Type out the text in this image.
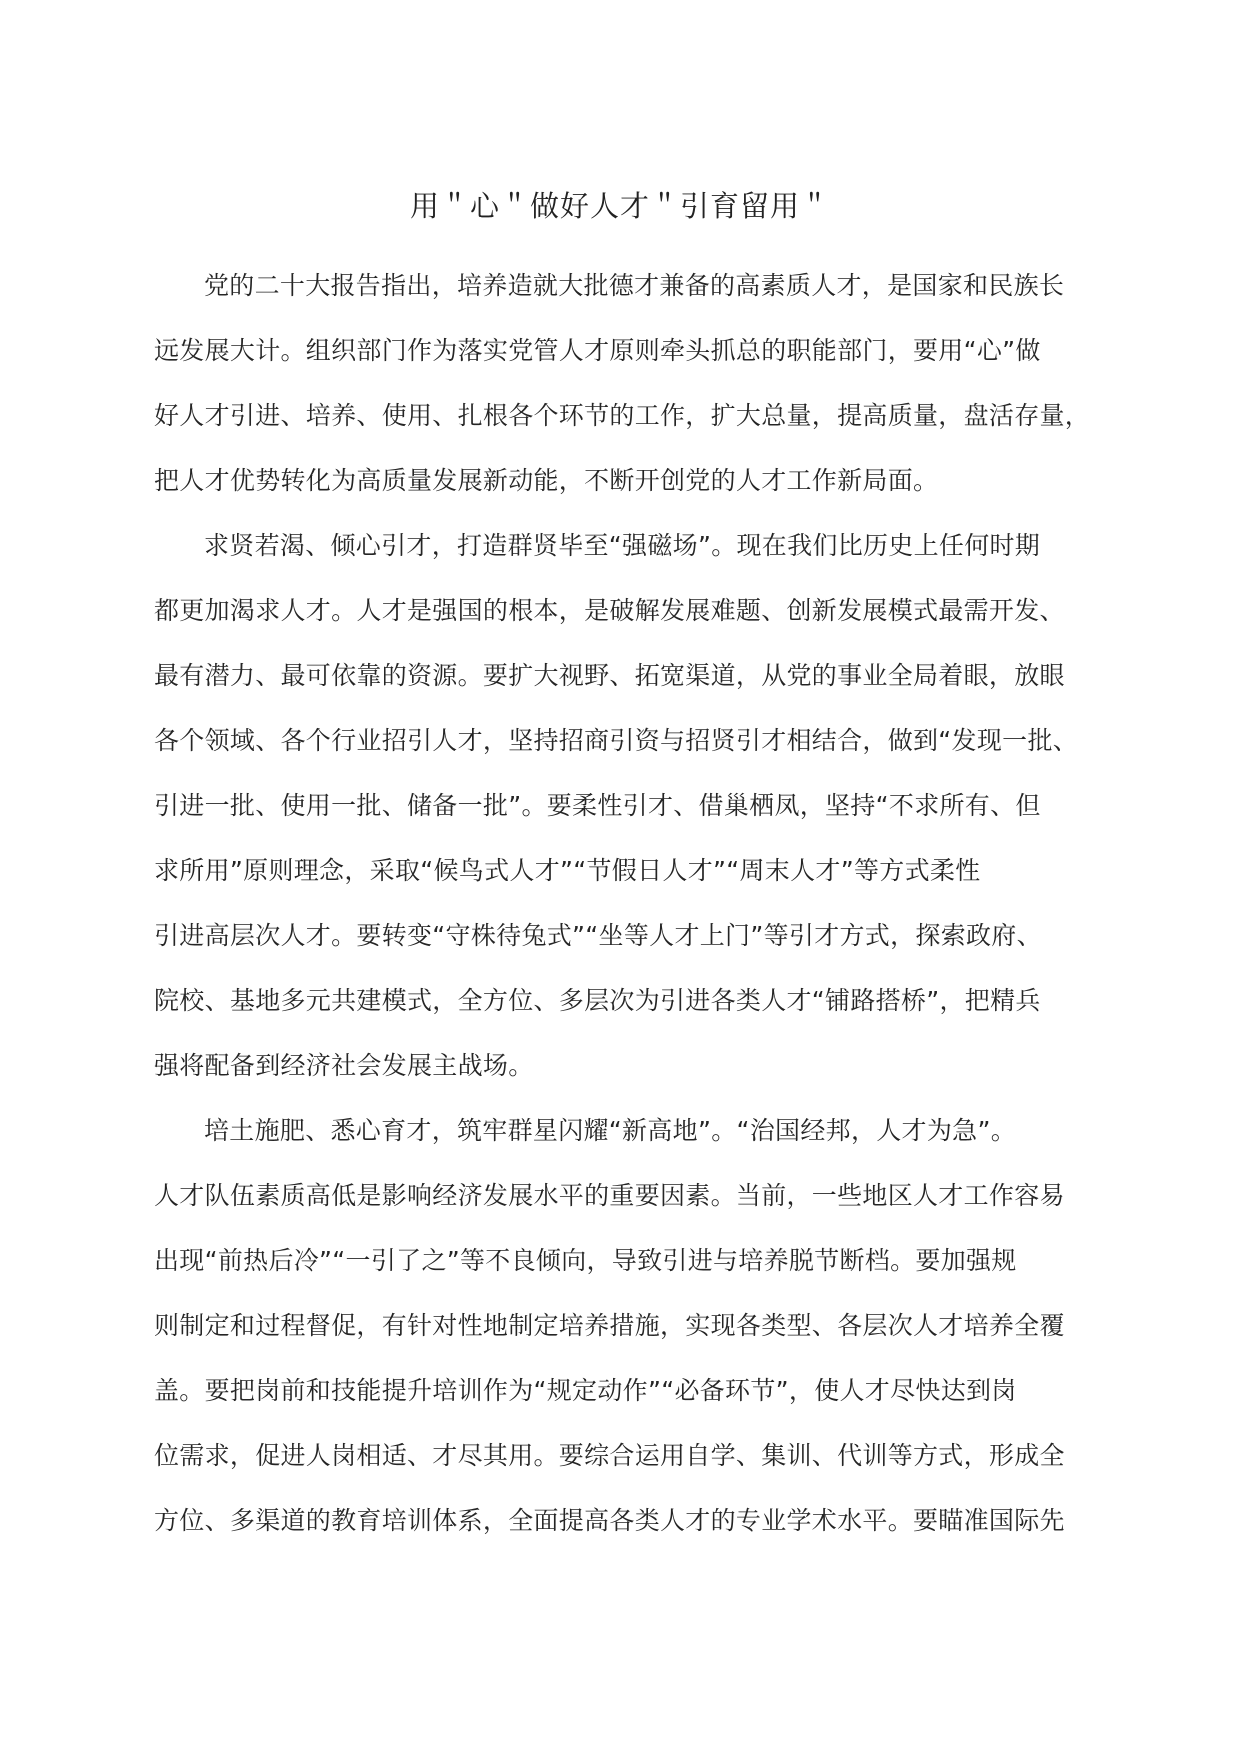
用＂心＂做好人才＂引育留用＂
党的二十大报告指出，培养造就大批德才兼备的高素质人才，是国家和民族长
远发展大计。组织部门作为落实党管人才原则牵头抓总的职能部门，要用“心”做
好人才引进、培养、使用、扎根各个环节的工作，扩大总量，提高质量，盘活存量，
把人才优势转化为高质量发展新动能，不断开创党的人才工作新局面。
求贤若渴、倾心引才，打造群贤毕至“强磁场”。现在我们比历史上任何时期
都更加渴求人才。人才是强国的根本，是破解发展难题、创新发展模式最需开发、
最有潜力、最可依靠的资源。要扩大视野、拓宽渠道，从党的事业全局着眼，放眼
各个领域、各个行业招引人才，坚持招商引资与招贤引才相结合，做到“发现一批、
引进一批、使用一批、储备一批”。要柔性引才、借巢栖凤，坚持“不求所有、但
求所用”原则理念，采取“候鸟式人才”“节假日人才”“周末人才”等方式柔性
引进高层次人才。要转变“守株待兔式”“坐等人才上门”等引才方式，探索政府、
院校、基地多元共建模式，全方位、多层次为引进各类人才“铺路搭桥”，把精兵
强将配备到经济社会发展主战场。
培土施肥、悉心育才，筑牢群星闪耀“新高地”。“治国经邦，人才为急”。
人才队伍素质高低是影响经济发展水平的重要因素。当前，一些地区人才工作容易
出现“前热后冷”“一引了之”等不良倾向，导致引进与培养脱节断档。要加强规
则制定和过程督促，有针对性地制定培养措施，实现各类型、各层次人才培养全覆
盖。要把岗前和技能提升培训作为“规定动作”“必备环节”，使人才尽快达到岗
位需求，促进人岗相适、才尽其用。要综合运用自学、集训、代训等方式，形成全
方位、多渠道的教育培训体系，全面提高各类人才的专业学术水平。要瞄准国际先
